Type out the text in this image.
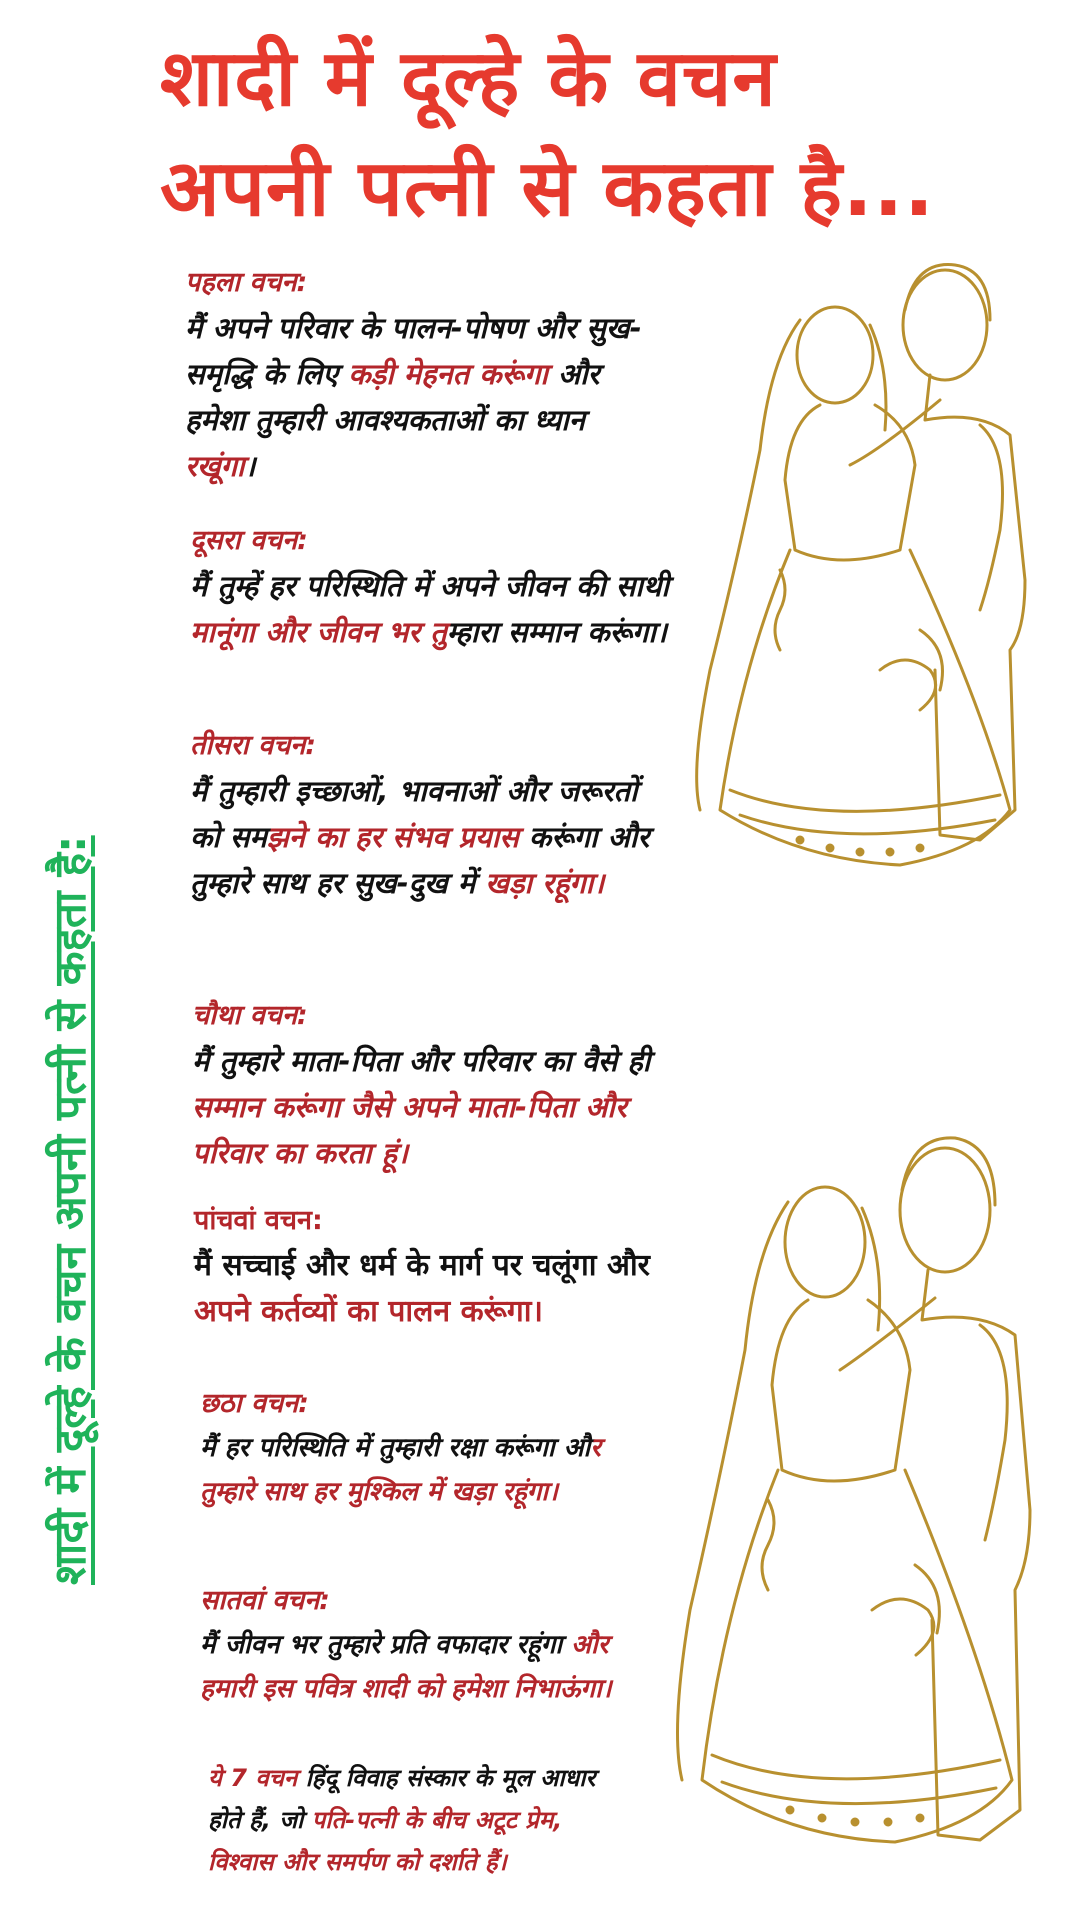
शादी में दूल्हे के वचन
अपनी पत्नी से कहता है...
शादी में दूल्हे के वचन अपनी पत्नी से कहता है:
पहला वचन:
मैं अपने परिवार के पालन-पोषण और सुख-समृद्धि के लिए कड़ी मेहनत करूंगा और हमेशा तुम्हारी आवश्यकताओं का ध्यान रखूंगा।
दूसरा वचन:
मैं तुम्हें हर परिस्थिति में अपने जीवन की साथी मानूंगा और जीवन भर तुम्हारा सम्मान करूंगा।
तीसरा वचन:
मैं तुम्हारी इच्छाओं, भावनाओं और जरूरतों को समझने का हर संभव प्रयास करूंगा और तुम्हारे साथ हर सुख-दुख में खड़ा रहूंगा।
चौथा वचन:
मैं तुम्हारे माता-पिता और परिवार का वैसे ही सम्मान करूंगा जैसे अपने माता-पिता और परिवार का करता हूं।
पांचवां वचन:
मैं सच्चाई और धर्म के मार्ग पर चलूंगा और अपने कर्तव्यों का पालन करूंगा।
छठा वचन:
मैं हर परिस्थिति में तुम्हारी रक्षा करूंगा और तुम्हारे साथ हर मुश्किल में खड़ा रहूंगा।
सातवां वचन:
मैं जीवन भर तुम्हारे प्रति वफादार रहूंगा और हमारी इस पवित्र शादी को हमेशा निभाऊंगा।
ये 7 वचन हिंदू विवाह संस्कार के मूल आधार होते हैं, जो पति-पत्नी के बीच अटूट प्रेम, विश्वास और समर्पण को दर्शाते हैं।
